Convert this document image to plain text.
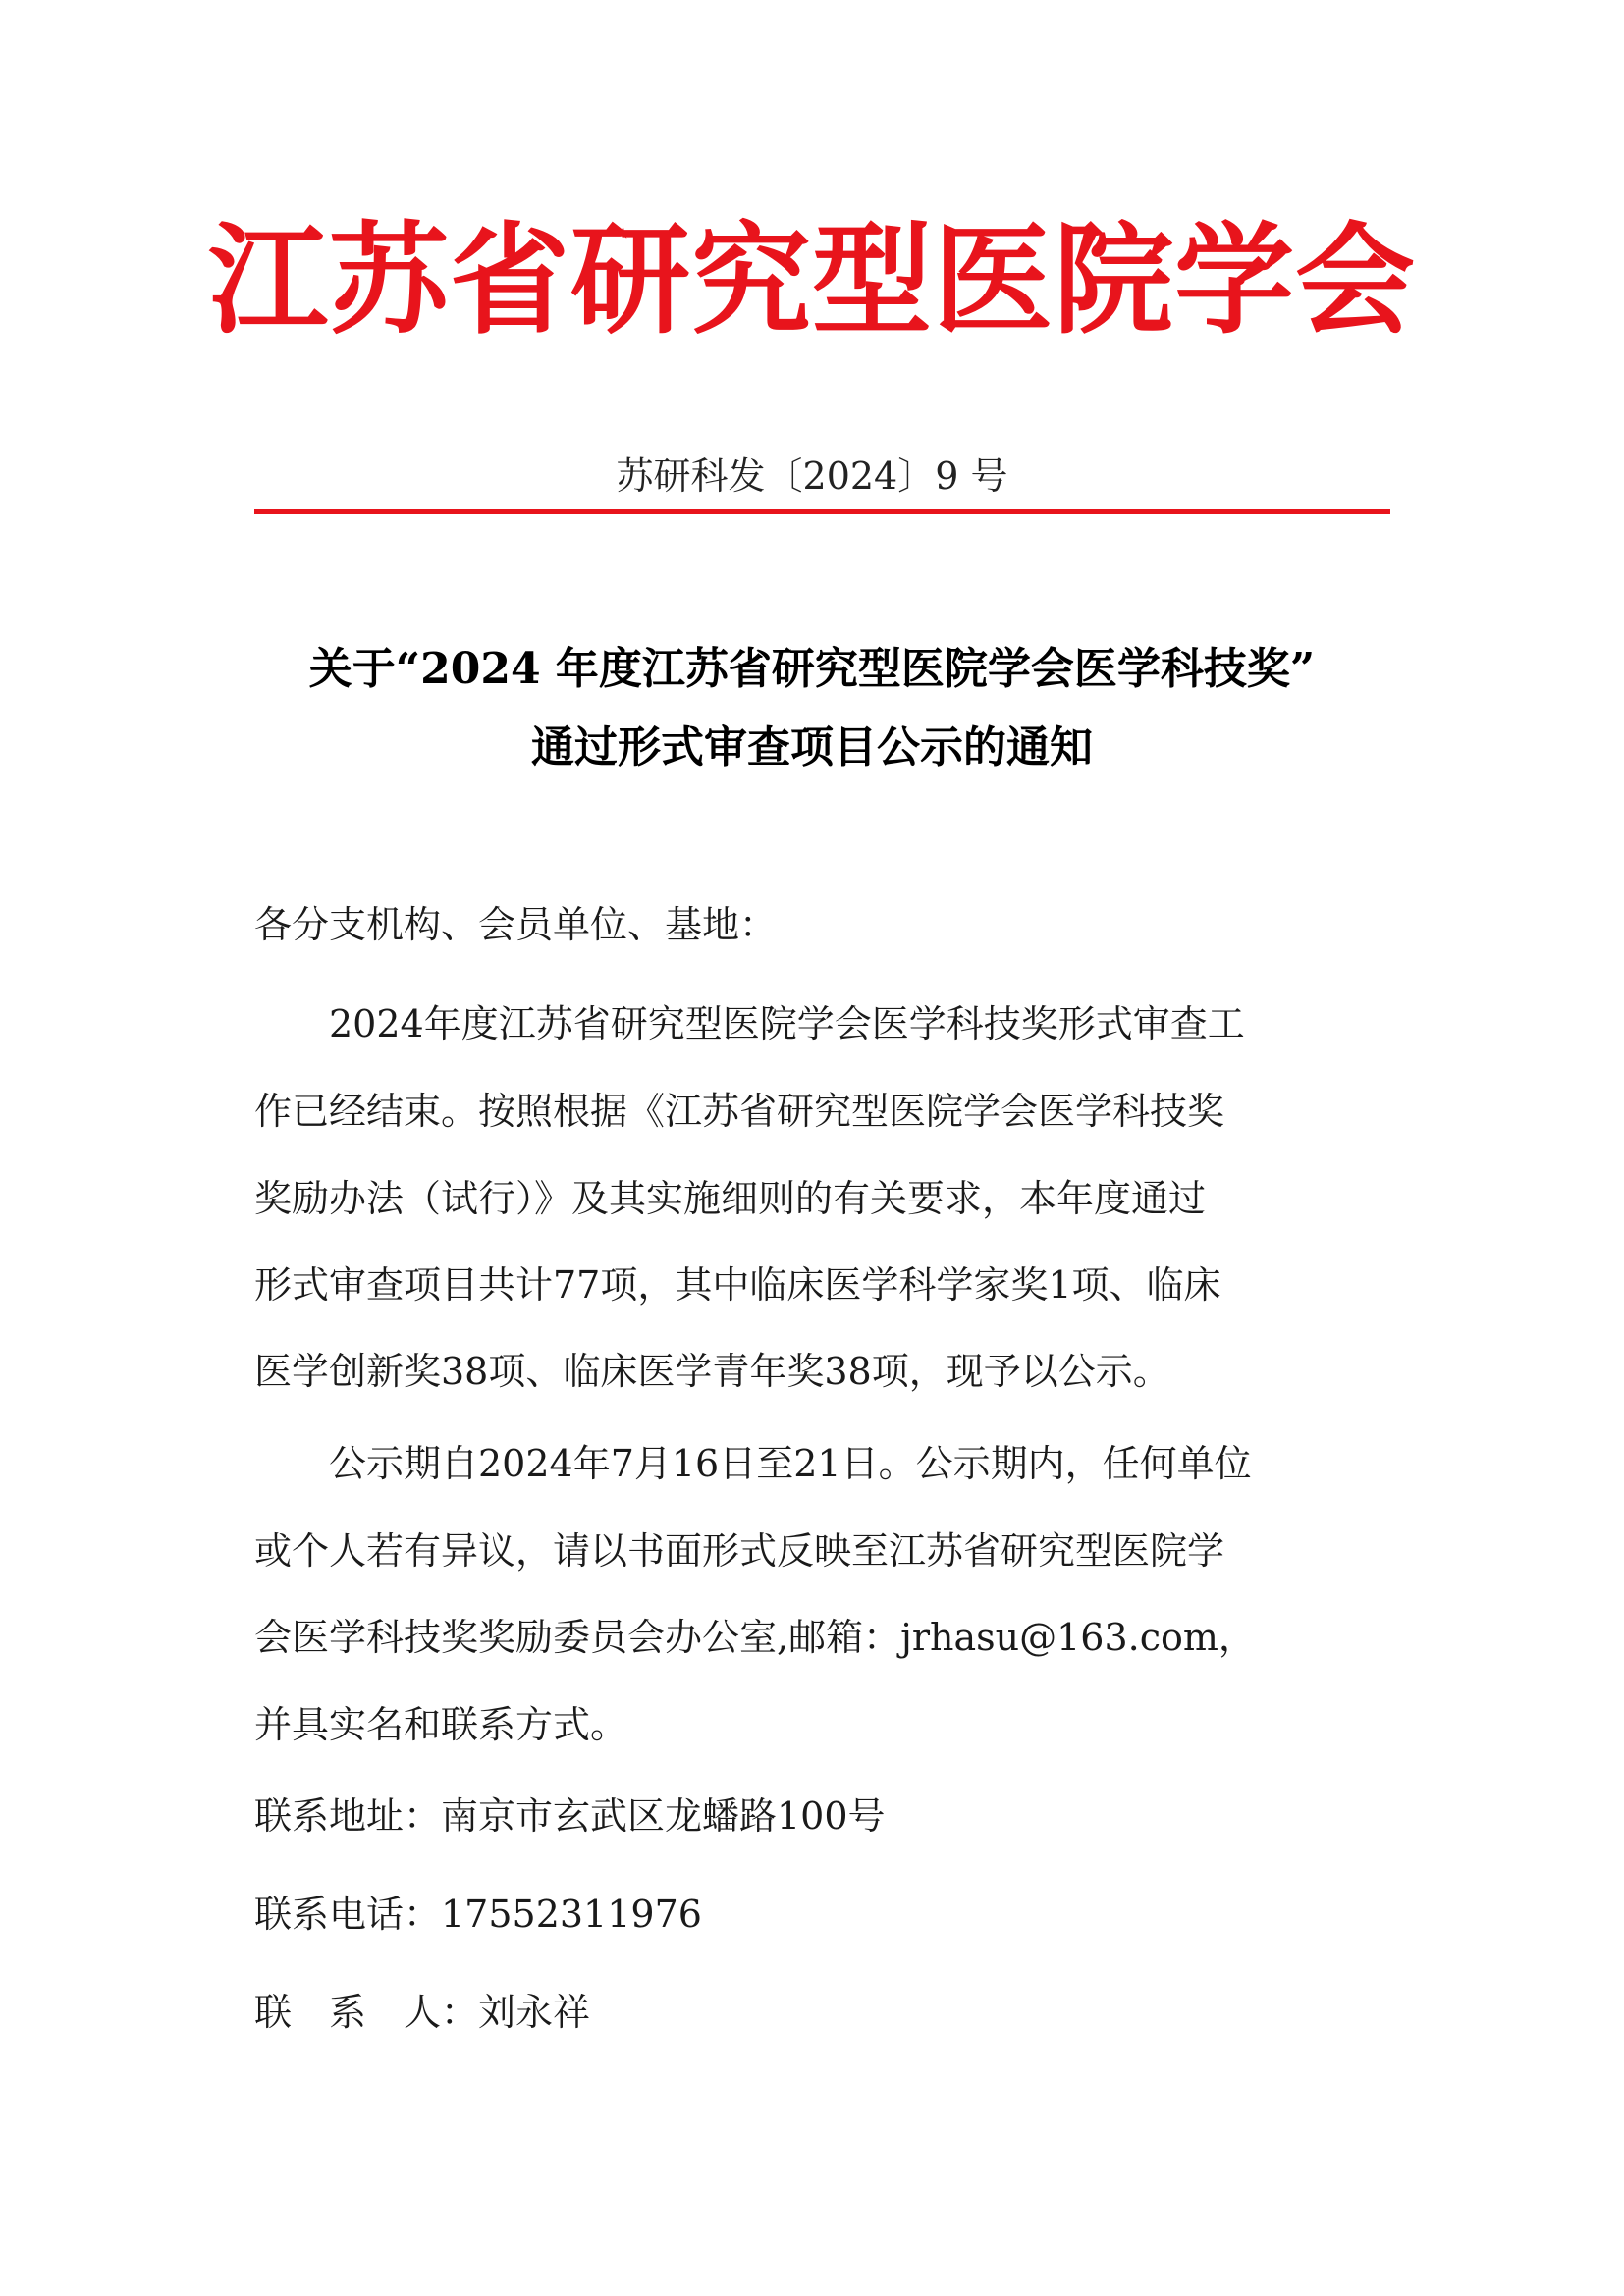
江苏省研究型医院学会
苏研科发〔2024〕9 号
关于“2024 年度江苏省研究型医院学会医学科技奖”
通过形式审查项目公示的通知
各分支机构、会员单位、基地：
　　2024年度江苏省研究型医院学会医学科技奖形式审查工
作已经结束。按照根据《江苏省研究型医院学会医学科技奖
奖励办法（试行）》及其实施细则的有关要求，本年度通过
形式审查项目共计77项，其中临床医学科学家奖1项、临床
医学创新奖38项、临床医学青年奖38项，现予以公示。
　　公示期自2024年7月16日至21日。公示期内，任何单位
或个人若有异议，请以书面形式反映至江苏省研究型医院学
会医学科技奖奖励委员会办公室,邮箱：jrhasu@163.com，
并具实名和联系方式。
联系地址：南京市玄武区龙蟠路100号
联系电话：17552311976
联　系　人：刘永祥
